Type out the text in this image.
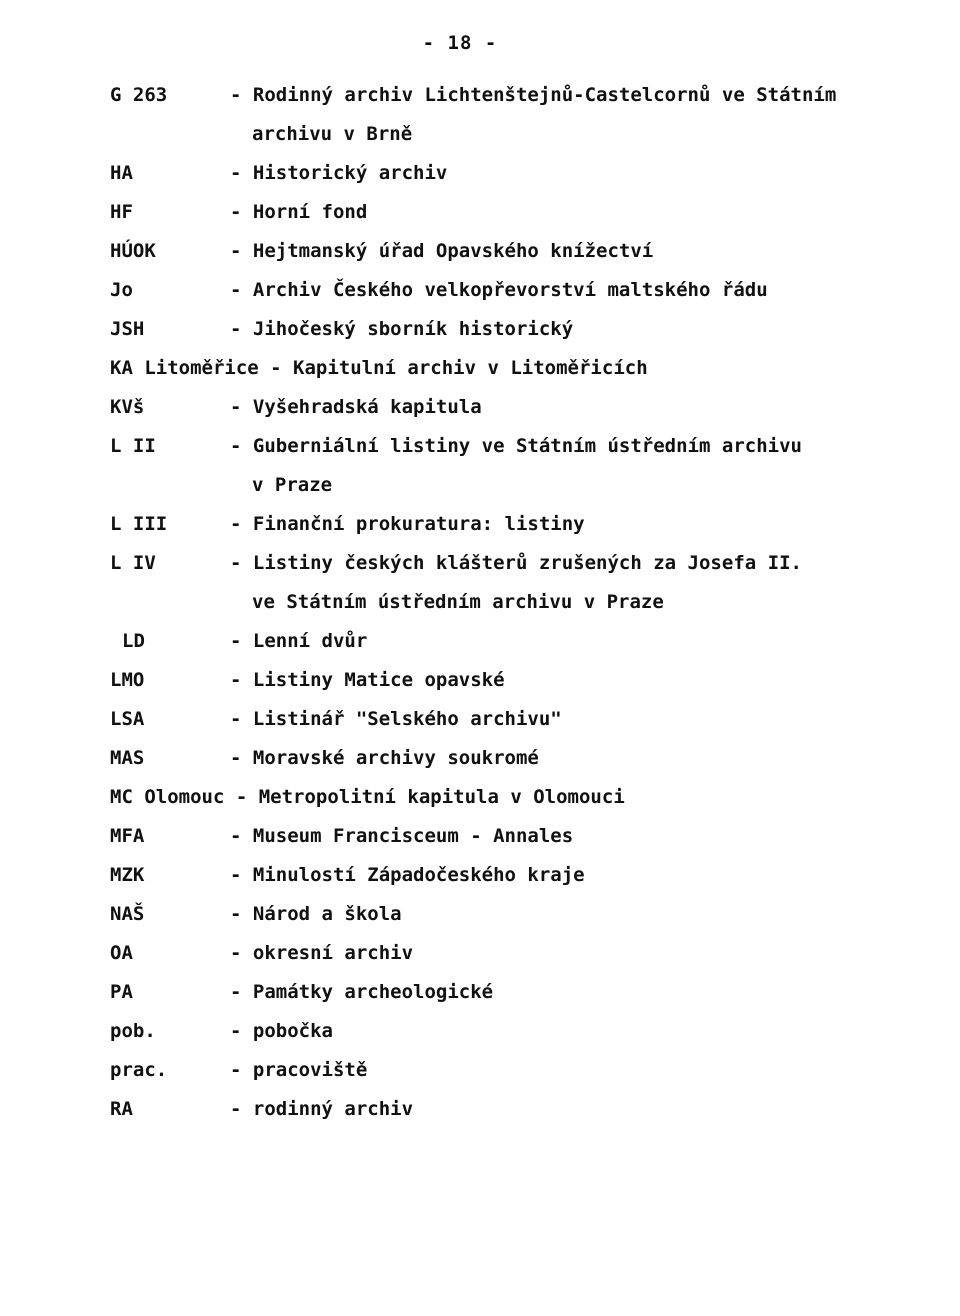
- 18 -
G 263	- Rodinný archiv Lichtenštejnů-Castelcornů ve Státním
archivu v Brně
HA	- Historický archiv
HF	- Horní fond
HÚOK	- Hejtmanský úřad Opavského knížectví
Jo	- Archiv Českého velkopřevorství maltského řádu
JSH	- Jihočeský sborník historický
KA Litoměřice - Kapitulní archiv v Litoměřicích
KVš	- Vyšehradská kapitula
L II	- Guberniální listiny ve Státním ústředním archivu
v Praze
L III	- Finanční prokuratura: listiny
L IV	- Listiny českých klášterů zrušených za Josefa II.
ve Státním ústředním archivu v Praze
LD	- Lenní dvůr
LMO	- Listiny Matice opavské
LSA	- Listinář "Selského archivu"
MAS	- Moravské archivy soukromé
MC Olomouc - Metropolitní kapitula v Olomouci
MFA	- Museum Francisceum - Annales
MZK	- Minulostí Západočeského kraje
NAŠ	- Národ a škola
OA	- okresní archiv
PA	- Památky archeologické
pob.	- pobočka
prac.	- pracoviště
RA	- rodinný archiv
